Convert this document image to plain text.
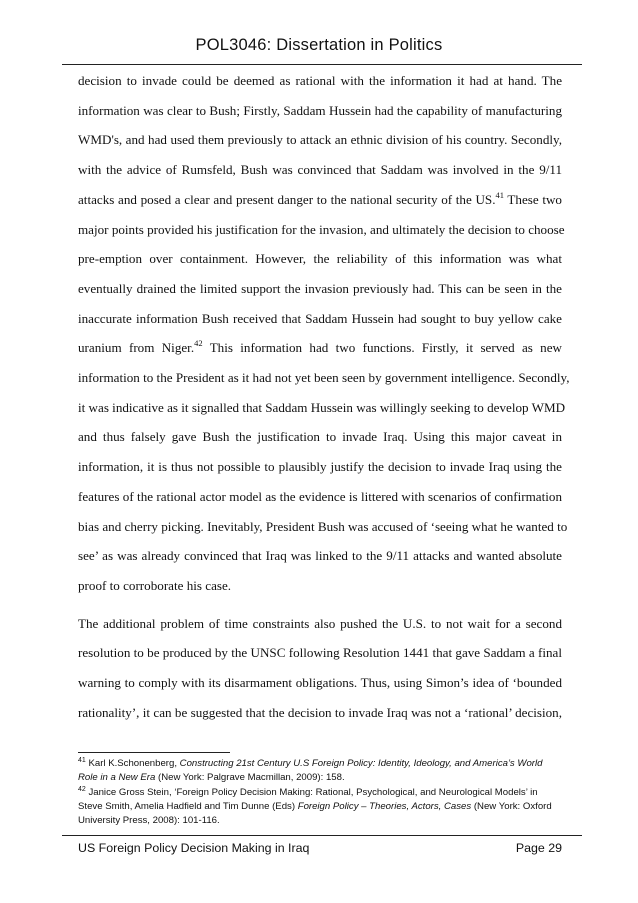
POL3046: Dissertation in Politics

decision to invade could be deemed as rational with the information it had at hand. The
information was clear to Bush; Firstly, Saddam Hussein had the capability of manufacturing
WMD's, and had used them previously to attack an ethnic division of his country. Secondly,
with the advice of Rumsfeld, Bush was convinced that Saddam was involved in the 9/11
attacks and posed a clear and present danger to the national security of the US.$^{41}$ These two
major points provided his justification for the invasion, and ultimately the decision to choose
pre-emption over containment. However, the reliability of this information was what
eventually drained the limited support the invasion previously had. This can be seen in the
inaccurate information Bush received that Saddam Hussein had sought to buy yellow cake
uranium from Niger.$^{42}$ This information had two functions. Firstly, it served as new
information to the President as it had not yet been seen by government intelligence. Secondly,
it was indicative as it signalled that Saddam Hussein was willingly seeking to develop WMD
and thus falsely gave Bush the justification to invade Iraq. Using this major caveat in
information, it is thus not possible to plausibly justify the decision to invade Iraq using the
features of the rational actor model as the evidence is littered with scenarios of confirmation
bias and cherry picking. Inevitably, President Bush was accused of ‘seeing what he wanted to
see’ as was already convinced that Iraq was linked to the 9/11 attacks and wanted absolute
proof to corroborate his case.

The additional problem of time constraints also pushed the U.S. to not wait for a second
resolution to be produced by the UNSC following Resolution 1441 that gave Saddam a final
warning to comply with its disarmament obligations. Thus, using Simon’s idea of ‘bounded
rationality’, it can be suggested that the decision to invade Iraq was not a ‘rational’ decision,

$^{41}$ Karl K.Schonenberg, Constructing 21st Century U.S Foreign Policy: Identity, Ideology, and America’s World Role in a New Era (New York: Palgrave Macmillan, 2009): 158.

$^{42}$ Janice Gross Stein, ‘Foreign Policy Decision Making: Rational, Psychological, and Neurological Models’ in Steve Smith, Amelia Hadfield and Tim Dunne (Eds) Foreign Policy – Theories, Actors, Cases (New York: Oxford University Press, 2008): 101-116.

US Foreign Policy Decision Making in Iraq	Page 29
